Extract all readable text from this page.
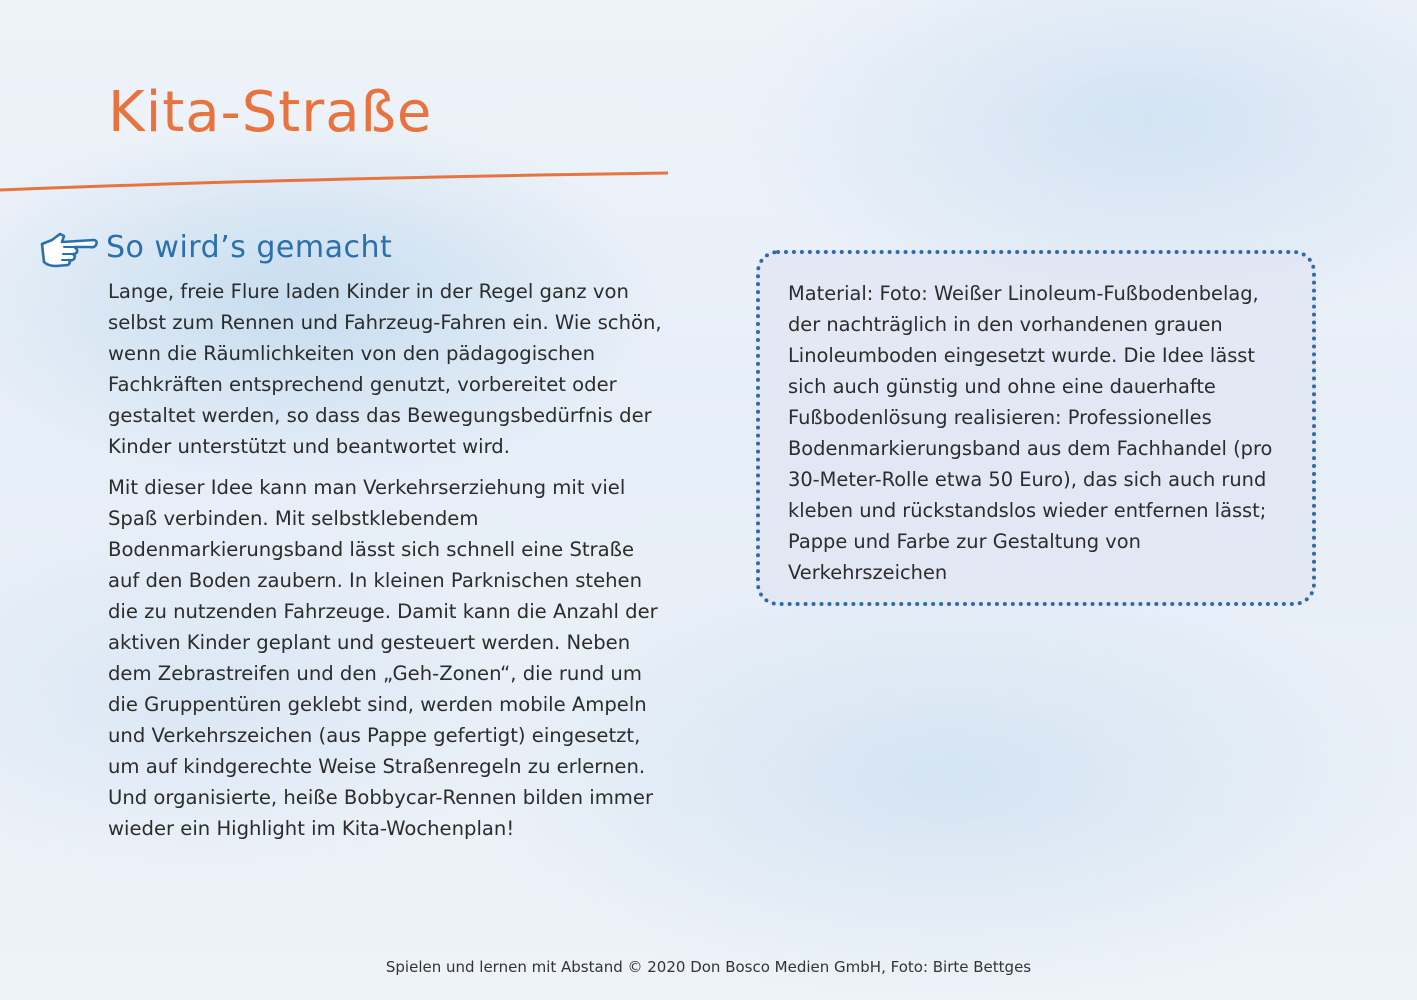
Kita-Straße
So wird’s gemacht

Lange, freie Flure laden Kinder in der Regel ganz von selbst zum Rennen und Fahrzeug-Fahren ein. Wie schön, wenn die Räumlichkeiten von den pädagogischen Fachkräften entsprechend genutzt, vorbereitet oder gestaltet werden, so dass das Bewegungsbedürfnis der Kinder unterstützt und beantwortet wird.

Mit dieser Idee kann man Verkehrserziehung mit viel Spaß verbinden. Mit selbstklebendem Bodenmarkierungsband lässt sich schnell eine Straße auf den Boden zaubern. In kleinen Parknischen stehen die zu nutzenden Fahrzeuge. Damit kann die Anzahl der aktiven Kinder geplant und gesteuert werden. Neben dem Zebrastreifen und den „Geh-Zonen“, die rund um die Gruppentüren geklebt sind, werden mobile Ampeln und Verkehrszeichen (aus Pappe gefertigt) eingesetzt, um auf kindgerechte Weise Straßenregeln zu erlernen. Und organisierte, heiße Bobbycar-Rennen bilden immer wieder ein Highlight im Kita-Wochenplan!

Material: Foto: Weißer Linoleum-Fußbodenbelag, der nachträglich in den vorhandenen grauen Linoleumboden eingesetzt wurde. Die Idee lässt sich auch günstig und ohne eine dauerhafte Fußbodenlösung realisieren: Professionelles Bodenmarkierungsband aus dem Fachhandel (pro 30-Meter-Rolle etwa 50 Euro), das sich auch rund kleben und rückstandslos wieder entfernen lässt; Pappe und Farbe zur Gestaltung von Verkehrszeichen
Spielen und lernen mit Abstand © 2020 Don Bosco Medien GmbH, Foto: Birte Bettges
